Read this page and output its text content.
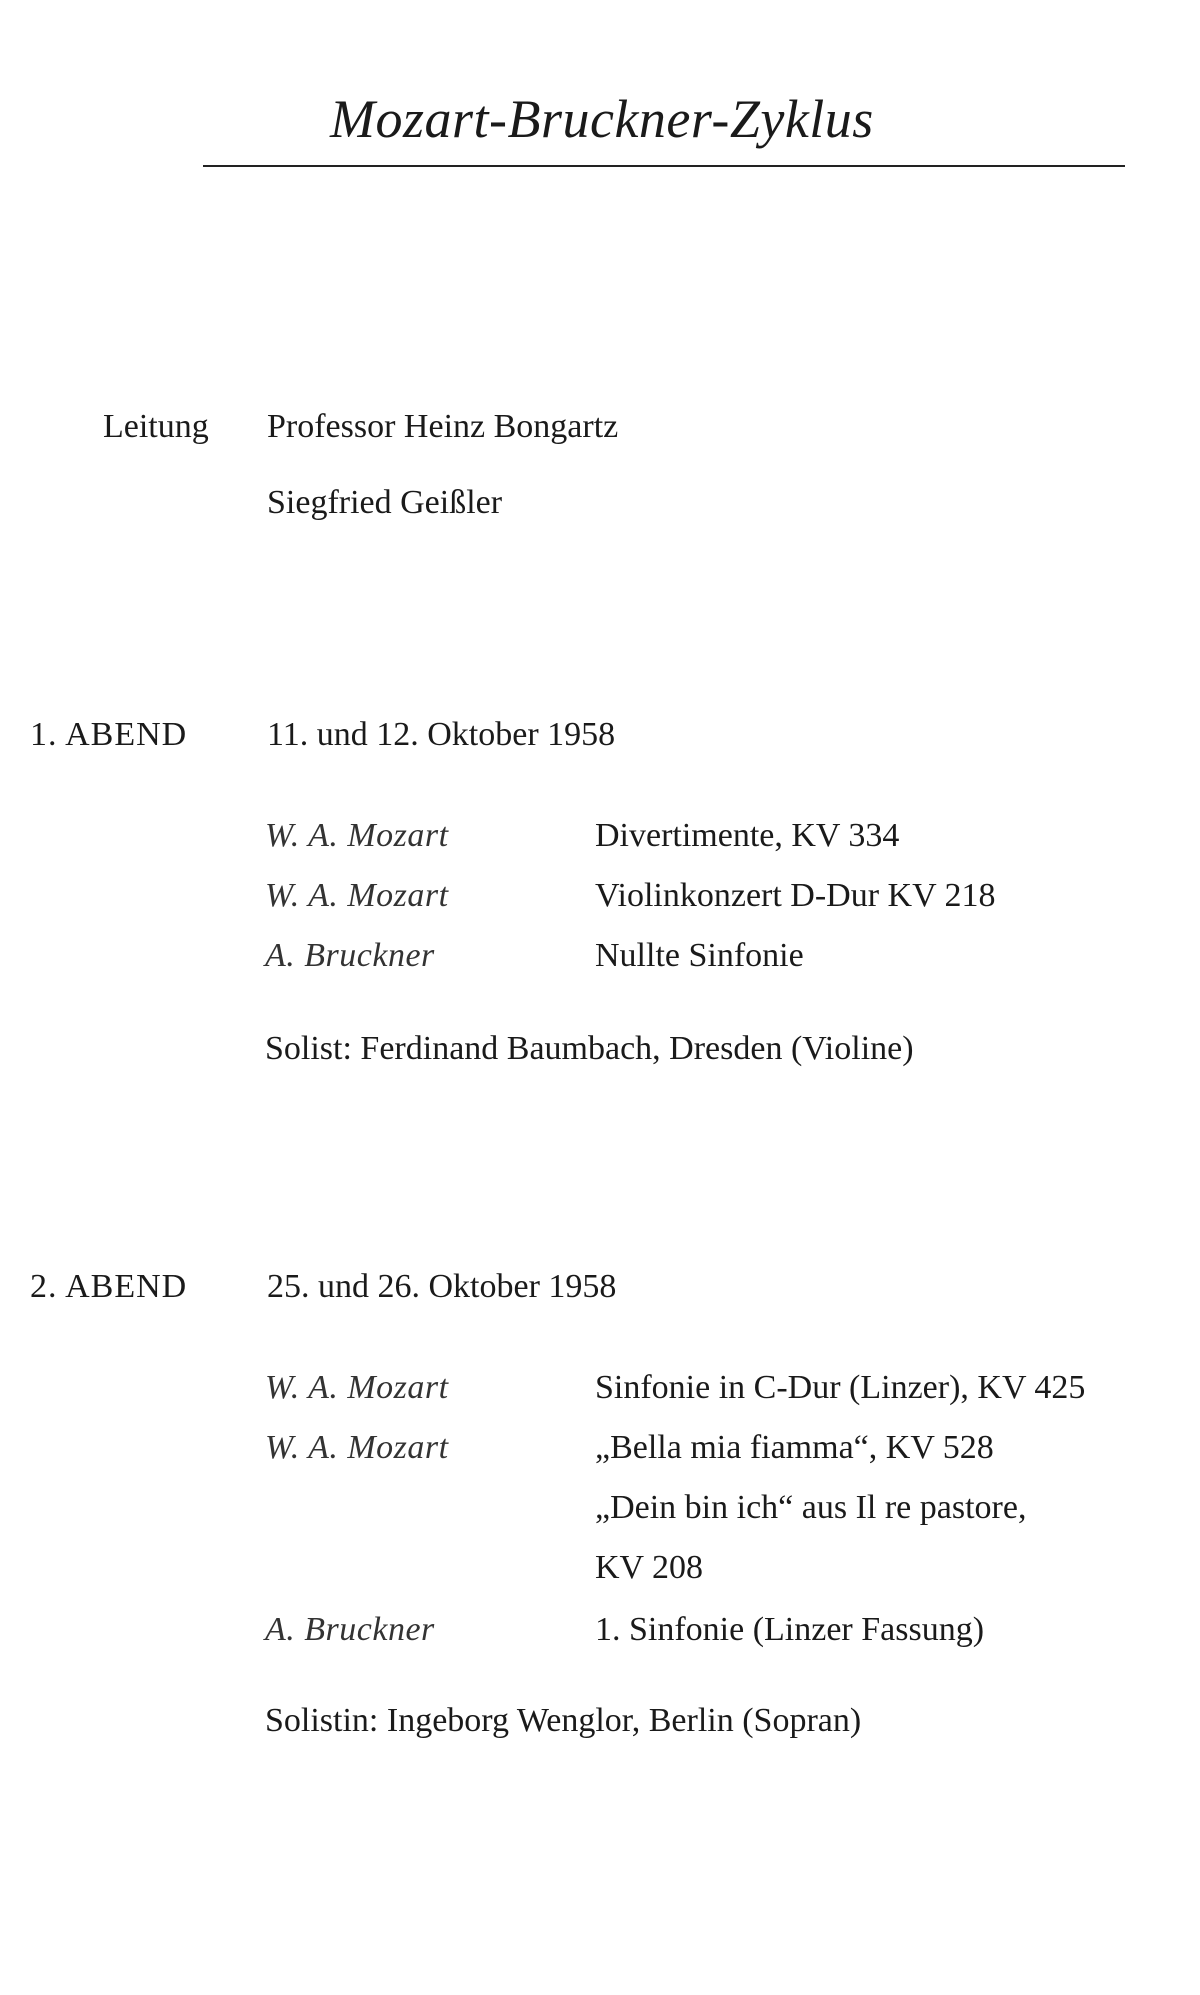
Mozart-Bruckner-Zyklus
Leitung Professor Heinz Bongartz
Siegfried Geißler
1. ABEND 11. und 12. Oktober 1958
W. A. Mozart	Divertimente, KV 334
W. A. Mozart	Violinkonzert D-Dur KV 218
A. Bruckner	Nullte Sinfonie
Solist: Ferdinand Baumbach, Dresden (Violine)
2. ABEND 25. und 26. Oktober 1958
W. A. Mozart	Sinfonie in C-Dur (Linzer), KV 425
W. A. Mozart	„Bella mia fiamma“, KV 528
„Dein bin ich“ aus Il re pastore,
KV 208
A. Bruckner	1. Sinfonie (Linzer Fassung)
Solistin: Ingeborg Wenglor, Berlin (Sopran)
